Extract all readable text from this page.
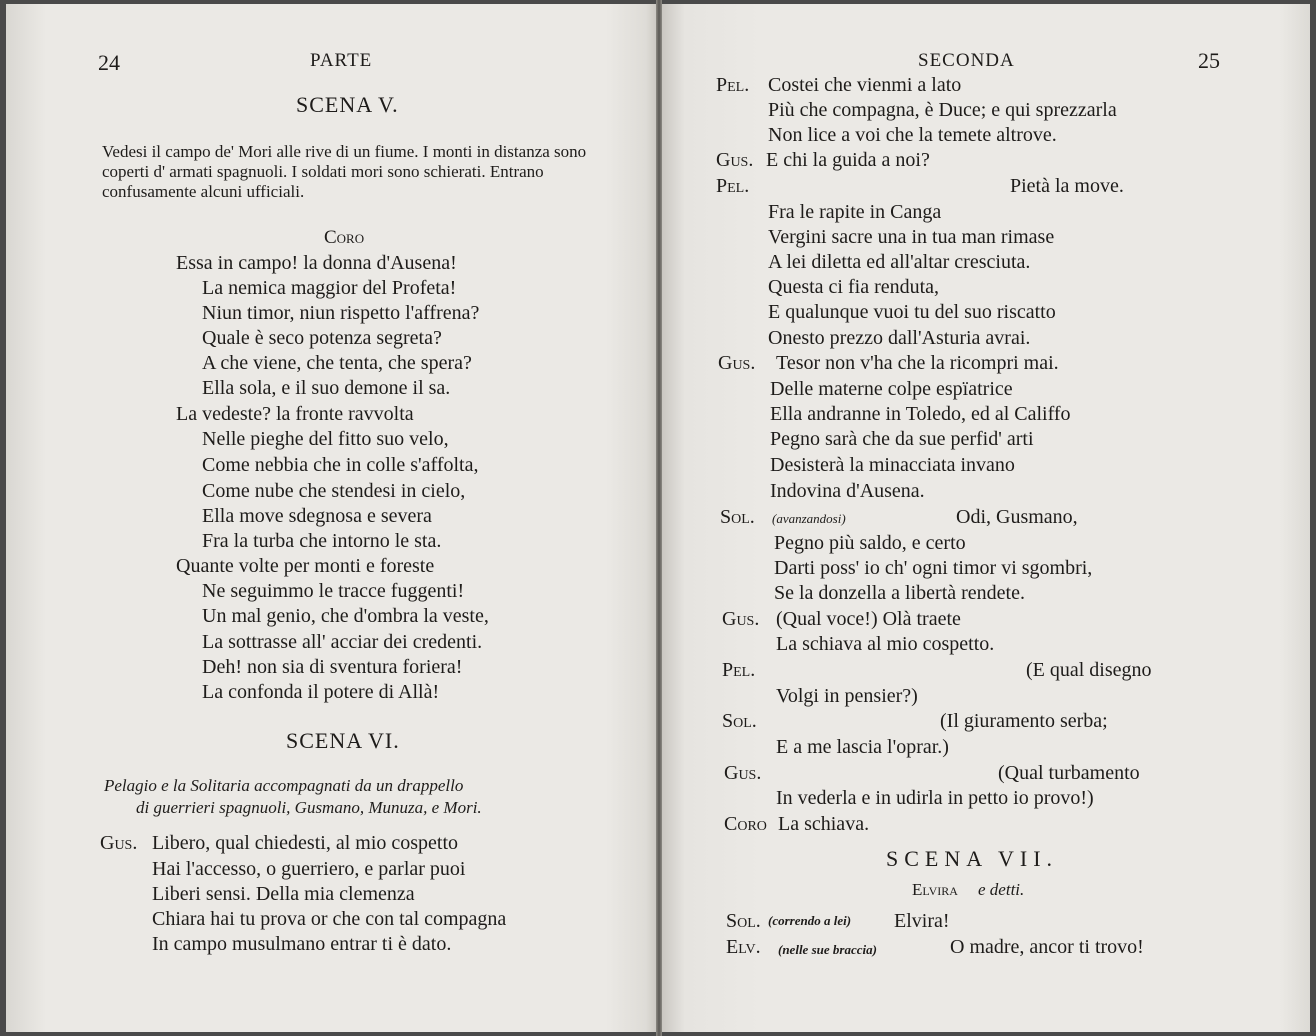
24	PARTE
SCENA V.
Vedesi il campo de' Mori alle rive di un fiume. I monti in distanza sono coperti d' armati spagnuoli. I soldati mori sono schierati. Entrano confusamente alcuni ufficiali.
Coro
Essa in campo! la donna d'Ausena!
La nemica maggior del Profeta!
Niun timor, niun rispetto l'affrena?
Quale è seco potenza segreta?
A che viene, che tenta, che spera?
Ella sola, e il suo demone il sa.
La vedeste? la fronte ravvolta
Nelle pieghe del fitto suo velo,
Come nebbia che in colle s'affolta,
Come nube che stendesi in cielo,
Ella move sdegnosa e severa
Fra la turba che intorno le sta.
Quante volte per monti e foreste
Ne seguimmo le tracce fuggenti!
Un mal genio, che d'ombra la veste,
La sottrasse all' acciar dei credenti.
Deh! non sia di sventura foriera!
La confonda il potere di Allà!
SCENA VI.
Pelagio e la Solitaria accompagnati da un drappello
di guerrieri spagnuoli, Gusmano, Munuza, e Mori.
Gus. Libero, qual chiedesti, al mio cospetto
Hai l'accesso, o guerriero, e parlar puoi
Liberi sensi. Della mia clemenza
Chiara hai tu prova or che con tal compagna
In campo musulmano entrar ti è dato.
SECONDA	25
Pel. Costei che vienmi a lato
Più che compagna, è Duce; e qui sprezzarla
Non lice a voi che la temete altrove.
Gus. E chi la guida a noi?
Pel.	Pietà la move.
Fra le rapite in Canga
Vergini sacre una in tua man rimase
A lei diletta ed all'altar cresciuta.
Questa ci fia renduta,
E qualunque vuoi tu del suo riscatto
Onesto prezzo dall'Asturia avrai.
Gus. Tesor non v'ha che la ricompri mai.
Delle materne colpe espïatrice
Ella andranne in Toledo, ed al Califfo
Pegno sarà che da sue perfid' arti
Desisterà la minacciata invano
Indovina d'Ausena.
Sol. (avanzandosi)	Odi, Gusmano,
Pegno più saldo, e certo
Darti poss' io ch' ogni timor vi sgombri,
Se la donzella a libertà rendete.
Gus. (Qual voce!) Olà traete
La schiava al mio cospetto.
Pel.	(E qual disegno
Volgi in pensier?)
Sol.	(Il giuramento serba;
E a me lascia l'oprar.)
Gus.	(Qual turbamento
In vederla e in udirla in petto io provo!)
Coro La schiava.
SCENA VII.
Elvira e detti.
Sol. (correndo a lei) Elvira!
Elv. (nelle sue braccia)	O madre, ancor ti trovo!
